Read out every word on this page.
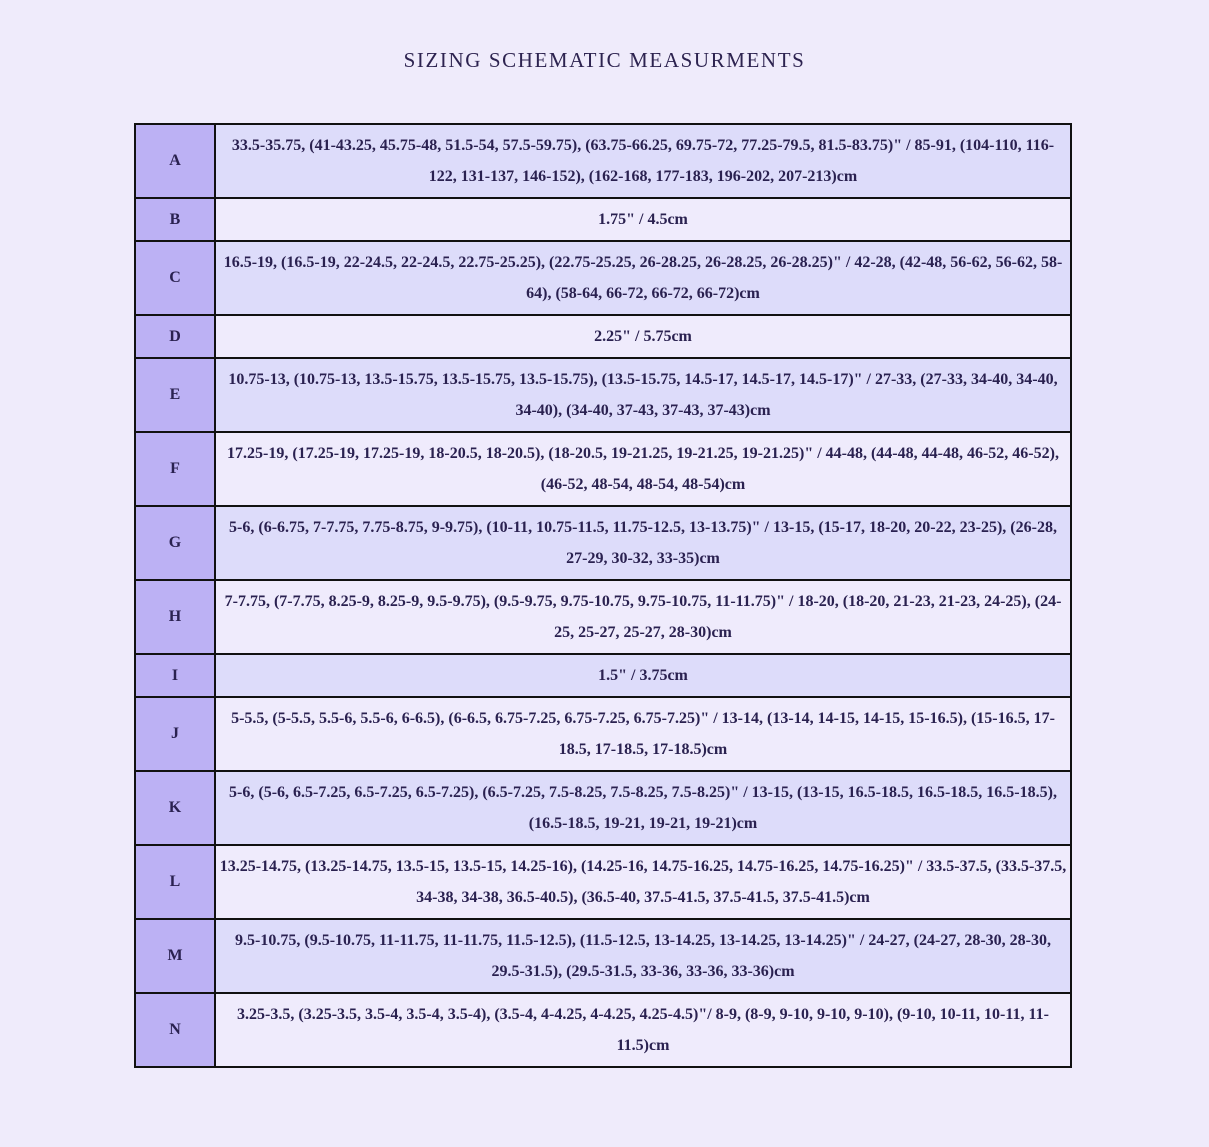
SIZING SCHEMATIC MEASURMENTS
A	33.5-35.75, (41-43.25, 45.75-48, 51.5-54, 57.5-59.75), (63.75-66.25, 69.75-72, 77.25-79.5, 81.5-83.75)" / 85-91, (104-110, 116-122, 131-137, 146-152), (162-168, 177-183, 196-202, 207-213)cm
B	1.75" / 4.5cm
C	16.5-19, (16.5-19, 22-24.5, 22-24.5, 22.75-25.25), (22.75-25.25, 26-28.25, 26-28.25, 26-28.25)" / 42-28, (42-48, 56-62, 56-62, 58-64), (58-64, 66-72, 66-72, 66-72)cm
D	2.25" / 5.75cm
E	10.75-13, (10.75-13, 13.5-15.75, 13.5-15.75, 13.5-15.75), (13.5-15.75, 14.5-17, 14.5-17, 14.5-17)" / 27-33, (27-33, 34-40, 34-40, 34-40), (34-40, 37-43, 37-43, 37-43)cm
F	17.25-19, (17.25-19, 17.25-19, 18-20.5, 18-20.5), (18-20.5, 19-21.25, 19-21.25, 19-21.25)" / 44-48, (44-48, 44-48, 46-52, 46-52), (46-52, 48-54, 48-54, 48-54)cm
G	5-6, (6-6.75, 7-7.75, 7.75-8.75, 9-9.75), (10-11, 10.75-11.5, 11.75-12.5, 13-13.75)" / 13-15, (15-17, 18-20, 20-22, 23-25), (26-28, 27-29, 30-32, 33-35)cm
H	7-7.75, (7-7.75, 8.25-9, 8.25-9, 9.5-9.75), (9.5-9.75, 9.75-10.75, 9.75-10.75, 11-11.75)" / 18-20, (18-20, 21-23, 21-23, 24-25), (24-25, 25-27, 25-27, 28-30)cm
I	1.5" / 3.75cm
J	5-5.5, (5-5.5, 5.5-6, 5.5-6, 6-6.5), (6-6.5, 6.75-7.25, 6.75-7.25, 6.75-7.25)" / 13-14, (13-14, 14-15, 14-15, 15-16.5), (15-16.5, 17-18.5, 17-18.5, 17-18.5)cm
K	5-6, (5-6, 6.5-7.25, 6.5-7.25, 6.5-7.25), (6.5-7.25, 7.5-8.25, 7.5-8.25, 7.5-8.25)" / 13-15, (13-15, 16.5-18.5, 16.5-18.5, 16.5-18.5), (16.5-18.5, 19-21, 19-21, 19-21)cm
L	13.25-14.75, (13.25-14.75, 13.5-15, 13.5-15, 14.25-16), (14.25-16, 14.75-16.25, 14.75-16.25, 14.75-16.25)" / 33.5-37.5, (33.5-37.5, 34-38, 34-38, 36.5-40.5), (36.5-40, 37.5-41.5, 37.5-41.5, 37.5-41.5)cm
M	9.5-10.75, (9.5-10.75, 11-11.75, 11-11.75, 11.5-12.5), (11.5-12.5, 13-14.25, 13-14.25, 13-14.25)" / 24-27, (24-27, 28-30, 28-30, 29.5-31.5), (29.5-31.5, 33-36, 33-36, 33-36)cm
N	3.25-3.5, (3.25-3.5, 3.5-4, 3.5-4, 3.5-4), (3.5-4, 4-4.25, 4-4.25, 4.25-4.5)"/ 8-9, (8-9, 9-10, 9-10, 9-10), (9-10, 10-11, 10-11, 11-11.5)cm
